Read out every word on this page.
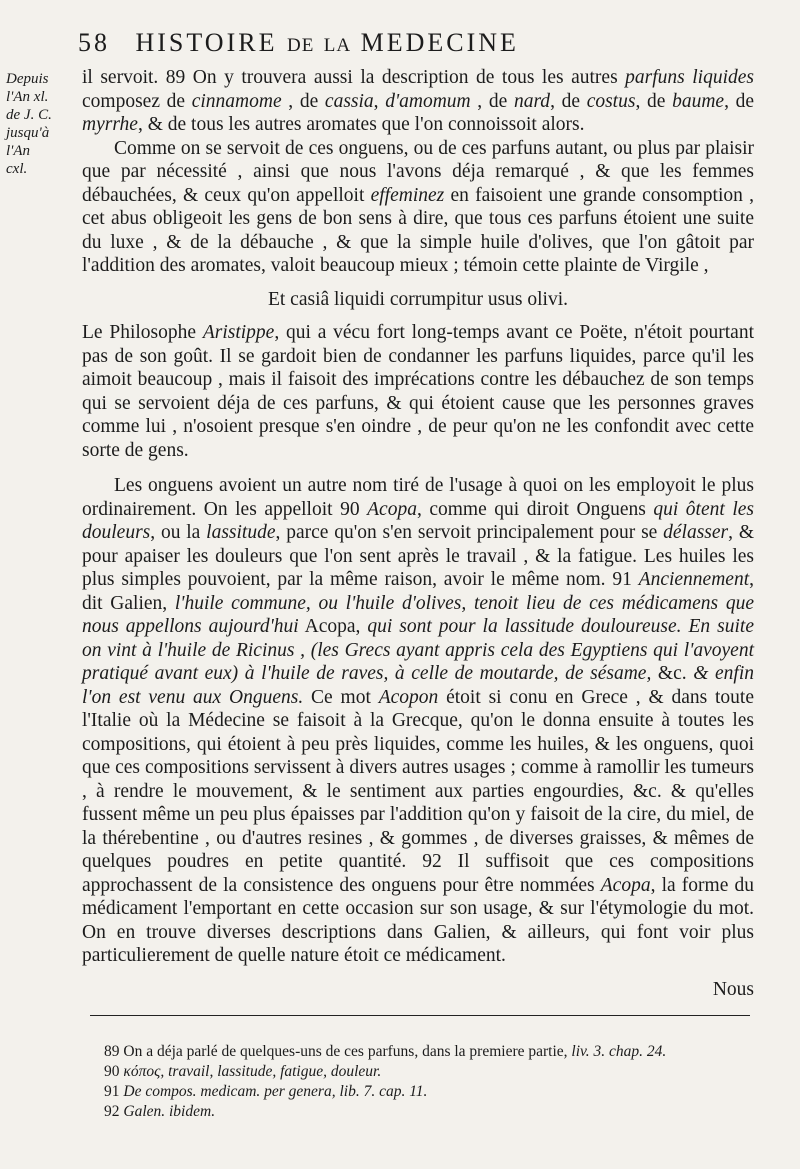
58 HISTOIRE DE LA MEDECINE
Depuis
l'An xl.
de J. C.
jusqu'à
l'An
cxl.

il servoit. 89 On y trouvera aussi la description de tous les autres parfuns liquides composez de cinnamome , de cassia, d'amomum , de nard, de costus, de baume, de myrrhe, & de tous les autres aromates que l'on connoissoit alors.

Comme on se servoit de ces onguens, ou de ces parfuns autant, ou plus par plaisir que par nécessité , ainsi que nous l'avons déja remarqué , & que les femmes débauchées, & ceux qu'on appelloit effeminez en faisoient une grande consomption , cet abus obligeoit les gens de bon sens à dire, que tous ces parfuns étoient une suite du luxe , & de la débauche , & que la simple huile d'olives, que l'on gâtoit par l'addition des aromates, valoit beaucoup mieux ; témoin cette plainte de Virgile ,

Et casiâ liquidi corrumpitur usus olivi.

Le Philosophe Aristippe, qui a vécu fort long-temps avant ce Poëte, n'étoit pourtant pas de son goût. Il se gardoit bien de condanner les parfuns liquides, parce qu'il les aimoit beaucoup , mais il faisoit des imprécations contre les débauchez de son temps qui se servoient déja de ces parfuns, & qui étoient cause que les personnes graves comme lui , n'osoient presque s'en oindre , de peur qu'on ne les confondit avec cette sorte de gens.

Les onguens avoient un autre nom tiré de l'usage à quoi on les employoit le plus ordinairement. On les appelloit 90 Acopa, comme qui diroit Onguens qui ôtent les douleurs, ou la lassitude, parce qu'on s'en servoit principalement pour se délasser, & pour apaiser les douleurs que l'on sent après le travail , & la fatigue. Les huiles les plus simples pouvoient, par la même raison, avoir le même nom. 91 Anciennement, dit Galien, l'huile commune, ou l'huile d'olives, tenoit lieu de ces médicamens que nous appellons aujourd'hui Acopa, qui sont pour la lassitude douloureuse. En suite on vint à l'huile de Ricinus , (les Grecs ayant appris cela des Egyptiens qui l'avoyent pratiqué avant eux) à l'huile de raves, à celle de moutarde, de sésame, &c. & enfin l'on est venu aux Onguens. Ce mot Acopon étoit si conu en Grece , & dans toute l'Italie où la Médecine se faisoit à la Grecque, qu'on le donna ensuite à toutes les compositions, qui étoient à peu près liquides, comme les huiles, & les onguens, quoi que ces compositions servissent à divers autres usages ; comme à ramollir les tumeurs , à rendre le mouvement, & le sentiment aux parties engourdies, &c. & qu'elles fussent même un peu plus épaisses par l'addition qu'on y faisoit de la cire, du miel, de la thérebentine , ou d'autres resines , & gommes , de diverses graisses, & mêmes de quelques poudres en petite quantité. 92 Il suffisoit que ces compositions approchassent de la consistence des onguens pour être nommées Acopa, la forme du médicament l'emportant en cette occasion sur son usage, & sur l'étymologie du mot. On en trouve diverses descriptions dans Galien, & ailleurs, qui font voir plus particulierement de quelle nature étoit ce médicament.

Nous

89 On a déja parlé de quelques-uns de ces parfuns, dans la premiere partie, liv. 3. chap. 24.

90 κόπος, travail, lassitude, fatigue, douleur.

91 De compos. medicam. per genera, lib. 7. cap. 11.

92 Galen. ibidem.
